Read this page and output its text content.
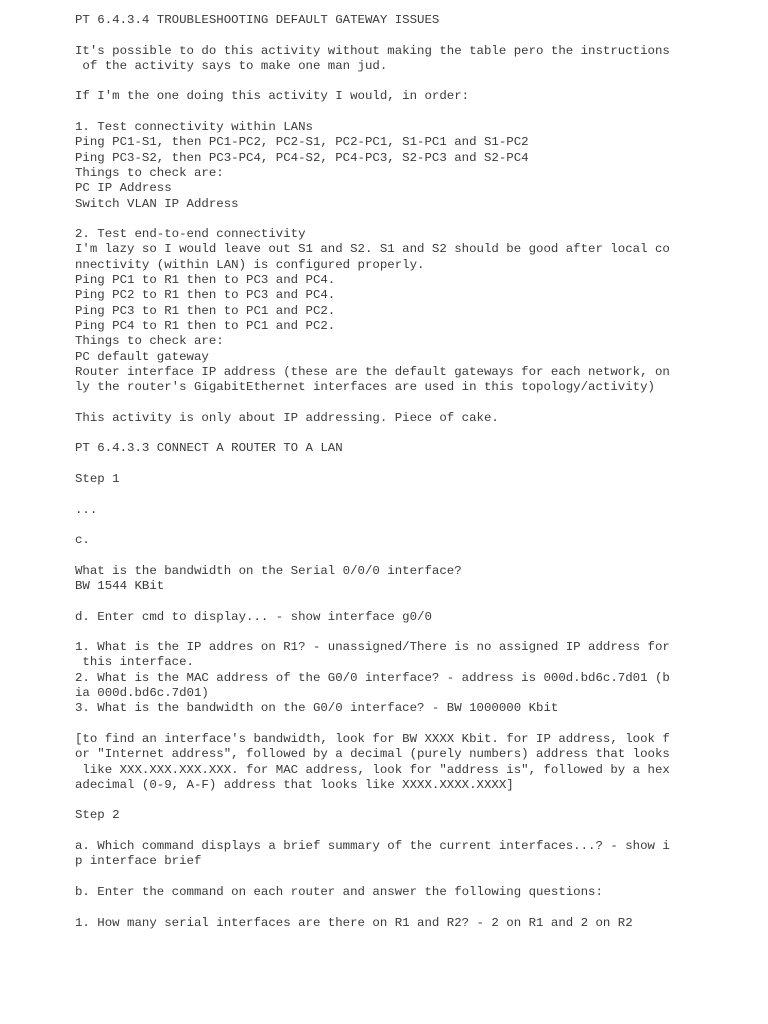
PT 6.4.3.4 TROUBLESHOOTING DEFAULT GATEWAY ISSUES
It's possible to do this activity without making the table pero the instructions
of the activity says to make one man jud.
If I'm the one doing this activity I would, in order:
1. Test connectivity within LANs
Ping PC1-S1, then PC1-PC2, PC2-S1, PC2-PC1, S1-PC1 and S1-PC2
Ping PC3-S2, then PC3-PC4, PC4-S2, PC4-PC3, S2-PC3 and S2-PC4
Things to check are:
PC IP Address
Switch VLAN IP Address
2. Test end-to-end connectivity
I'm lazy so I would leave out S1 and S2. S1 and S2 should be good after local co
nnectivity (within LAN) is configured properly.
Ping PC1 to R1 then to PC3 and PC4.
Ping PC2 to R1 then to PC3 and PC4.
Ping PC3 to R1 then to PC1 and PC2.
Ping PC4 to R1 then to PC1 and PC2.
Things to check are:
PC default gateway
Router interface IP address (these are the default gateways for each network, on
ly the router's GigabitEthernet interfaces are used in this topology/activity)
This activity is only about IP addressing. Piece of cake.
PT 6.4.3.3 CONNECT A ROUTER TO A LAN
Step 1
...
c.
What is the bandwidth on the Serial 0/0/0 interface?
BW 1544 KBit
d. Enter cmd to display... - show interface g0/0
1. What is the IP addres on R1? - unassigned/There is no assigned IP address for
this interface.
2. What is the MAC address of the G0/0 interface? - address is 000d.bd6c.7d01 (b
ia 000d.bd6c.7d01)
3. What is the bandwidth on the G0/0 interface? - BW 1000000 Kbit
[to find an interface's bandwidth, look for BW XXXX Kbit. for IP address, look f
or "Internet address", followed by a decimal (purely numbers) address that looks
like XXX.XXX.XXX.XXX. for MAC address, look for "address is", followed by a hex
adecimal (0-9, A-F) address that looks like XXXX.XXXX.XXXX]
Step 2
a. Which command displays a brief summary of the current interfaces...? - show i
p interface brief
b. Enter the command on each router and answer the following questions:
1. How many serial interfaces are there on R1 and R2? - 2 on R1 and 2 on R2
